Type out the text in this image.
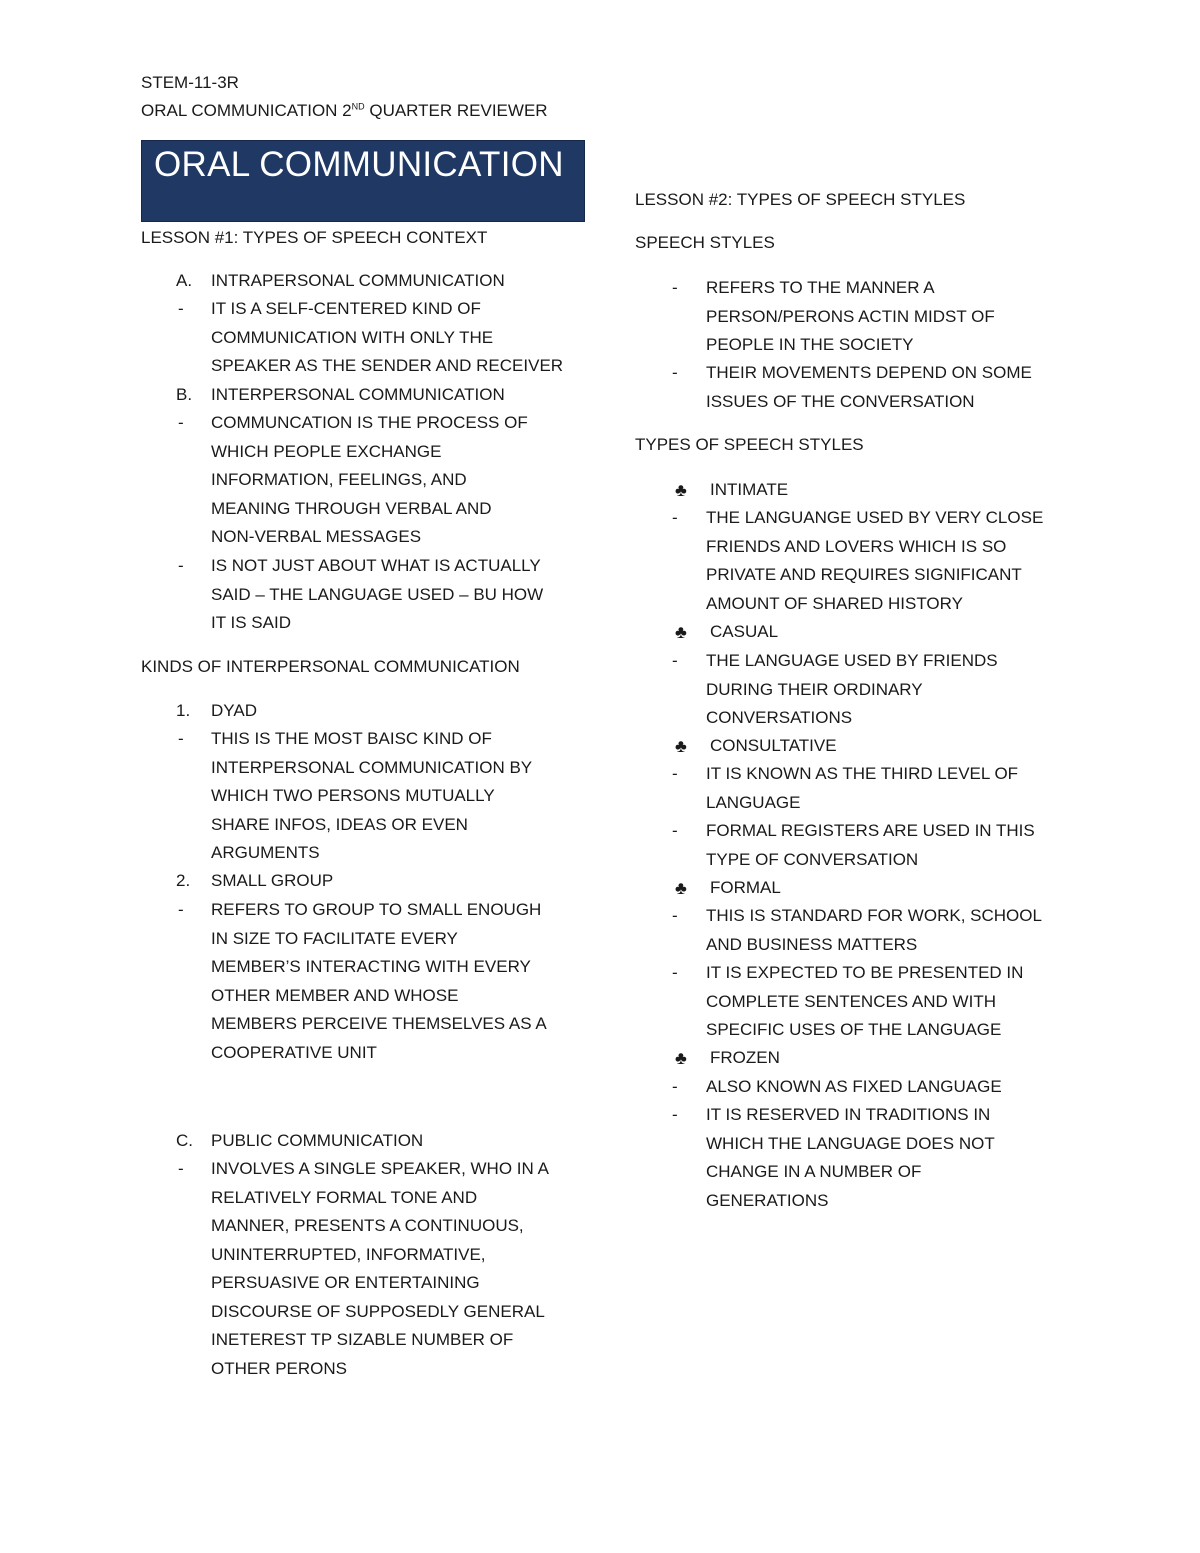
STEM-11-3R
ORAL COMMUNICATION 2ND QUARTER REVIEWER
ORAL COMMUNICATION
LESSON #1: TYPES OF SPEECH CONTEXT
A.	INTRAPERSONAL COMMUNICATION
-	IT IS A SELF-CENTERED KIND OF
COMMUNICATION WITH ONLY THE
SPEAKER AS THE SENDER AND RECEIVER
B.	INTERPERSONAL COMMUNICATION
-	COMMUNCATION IS THE PROCESS OF
WHICH PEOPLE EXCHANGE
INFORMATION, FEELINGS, AND
MEANING THROUGH VERBAL AND
NON-VERBAL MESSAGES
-	IS NOT JUST ABOUT WHAT IS ACTUALLY
SAID – THE LANGUAGE USED – BU HOW
IT IS SAID
KINDS OF INTERPERSONAL COMMUNICATION
1.	DYAD
-	THIS IS THE MOST BAISC KIND OF
INTERPERSONAL COMMUNICATION BY
WHICH TWO PERSONS MUTUALLY
SHARE INFOS, IDEAS OR EVEN
ARGUMENTS
2.	SMALL GROUP
-	REFERS TO GROUP TO SMALL ENOUGH
IN SIZE TO FACILITATE EVERY
MEMBER’S INTERACTING WITH EVERY
OTHER MEMBER AND WHOSE
MEMBERS PERCEIVE THEMSELVES AS A
COOPERATIVE UNIT
C.	PUBLIC COMMUNICATION
-	INVOLVES A SINGLE SPEAKER, WHO IN A
RELATIVELY FORMAL TONE AND
MANNER, PRESENTS A CONTINUOUS,
UNINTERRUPTED, INFORMATIVE,
PERSUASIVE OR ENTERTAINING
DISCOURSE OF SUPPOSEDLY GENERAL
INETEREST TP SIZABLE NUMBER OF
OTHER PERONS
LESSON #2: TYPES OF SPEECH STYLES
SPEECH STYLES
-	REFERS TO THE MANNER A
PERSON/PERONS ACTIN MIDST OF
PEOPLE IN THE SOCIETY
-	THEIR MOVEMENTS DEPEND ON SOME
ISSUES OF THE CONVERSATION
TYPES OF SPEECH STYLES
♣	INTIMATE
-	THE LANGUANGE USED BY VERY CLOSE
FRIENDS AND LOVERS WHICH IS SO
PRIVATE AND REQUIRES SIGNIFICANT
AMOUNT OF SHARED HISTORY
♣	CASUAL
-	THE LANGUAGE USED BY FRIENDS
DURING THEIR ORDINARY
CONVERSATIONS
♣	CONSULTATIVE
-	IT IS KNOWN AS THE THIRD LEVEL OF
LANGUAGE
-	FORMAL REGISTERS ARE USED IN THIS
TYPE OF CONVERSATION
♣	FORMAL
-	THIS IS STANDARD FOR WORK, SCHOOL
AND BUSINESS MATTERS
-	IT IS EXPECTED TO BE PRESENTED IN
COMPLETE SENTENCES AND WITH
SPECIFIC USES OF THE LANGUAGE
♣	FROZEN
-	ALSO KNOWN AS FIXED LANGUAGE
-	IT IS RESERVED IN TRADITIONS IN
WHICH THE LANGUAGE DOES NOT
CHANGE IN A NUMBER OF
GENERATIONS
